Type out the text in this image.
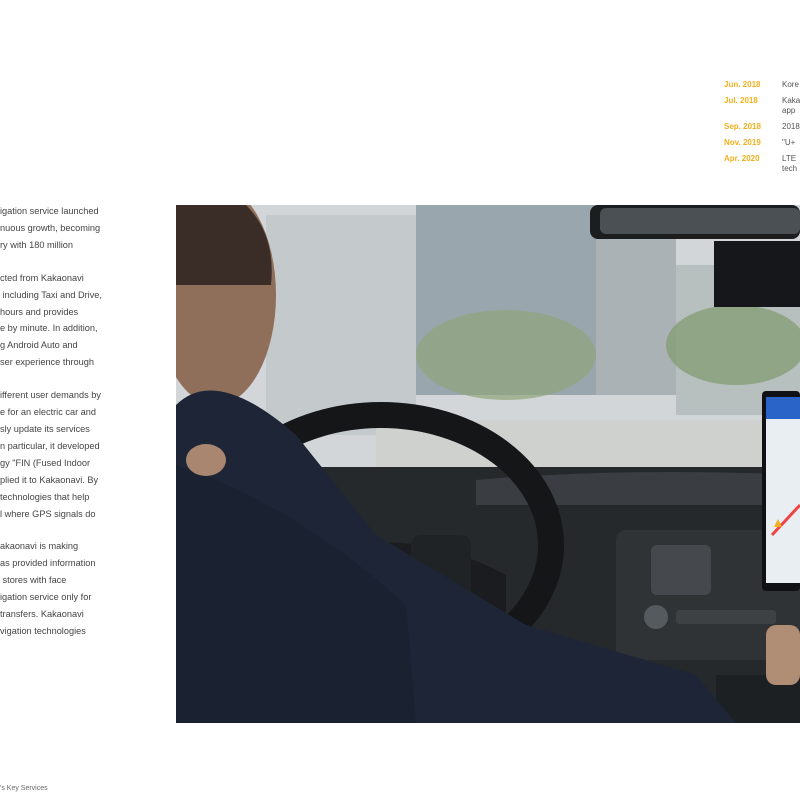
Jun. 2018	Kore
Jul. 2018	Kaka
app
Sep. 2018	2018
Nov. 2019	"U+
Apr. 2020	LTE
tech

igation service launched
nuous growth, becoming
ry with 180 million

cted from Kakaonavi
including Taxi and Drive,
hours and provides
e by minute. In addition,
g Android Auto and
ser experience through

ifferent user demands by
e for an electric car and
sly update its services
n particular, it developed
gy "FIN (Fused Indoor
plied it to Kakaonavi. By
technologies that help
l where GPS signals do

akaonavi is making
as provided information
stores with face
igation service only for
transfers. Kakaonavi
vigation technologies

's Key Services
